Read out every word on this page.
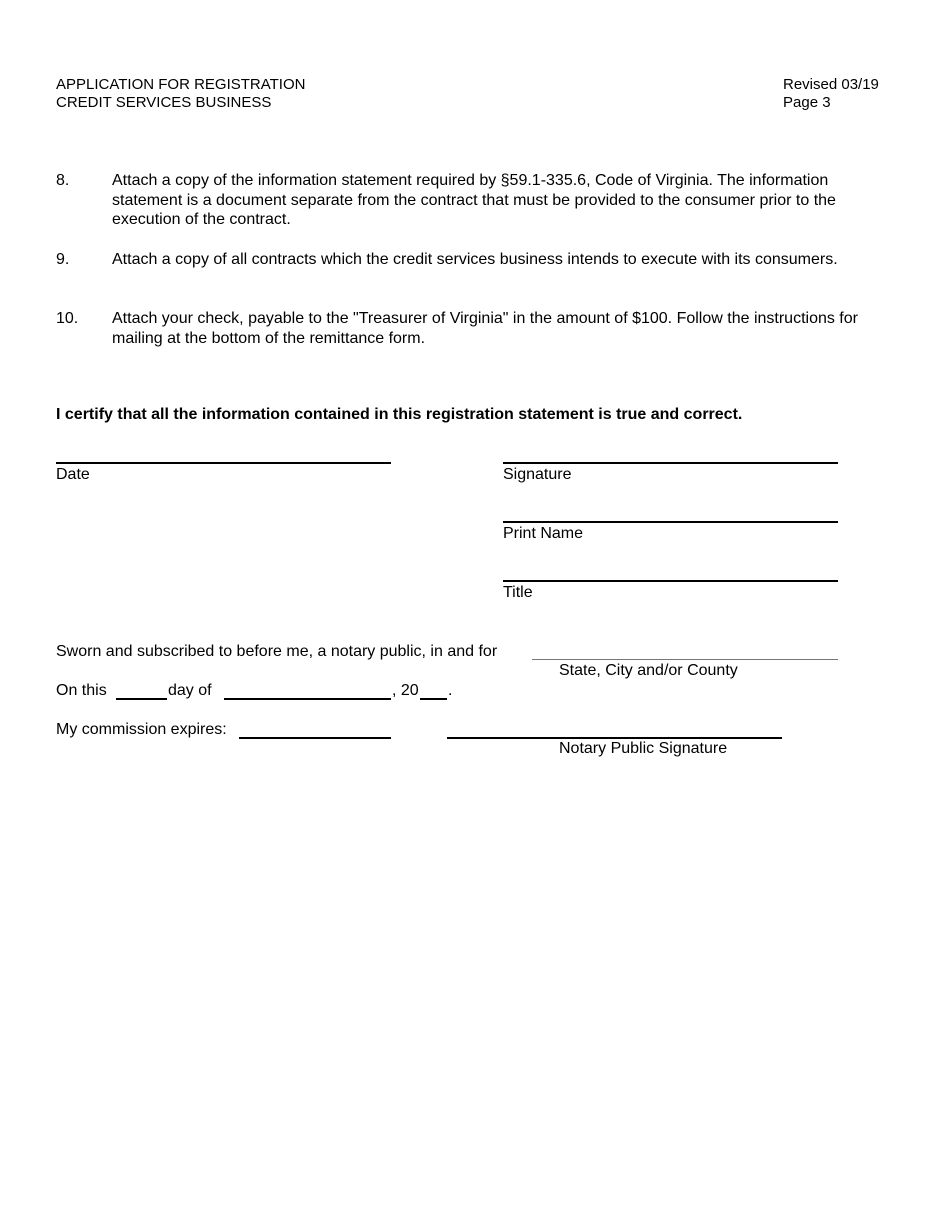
APPLICATION FOR REGISTRATION
CREDIT SERVICES BUSINESS
Revised 03/19
Page 3
8.	Attach a copy of the information statement required by §59.1-335.6, Code of Virginia. The information statement is a document separate from the contract that must be provided to the consumer prior to the execution of the contract.
9.	Attach a copy of all contracts which the credit services business intends to execute with its consumers.
10. Attach your check, payable to the "Treasurer of Virginia" in the amount of $100. Follow the instructions for mailing at the bottom of the remittance form.
I certify that all the information contained in this registration statement is true and correct.
Date	Signature
Print Name
Title
Sworn and subscribed to before me, a notary public, in and for
State, City and/or County
On this	day of	, 20 .
My commission expires:
Notary Public Signature
